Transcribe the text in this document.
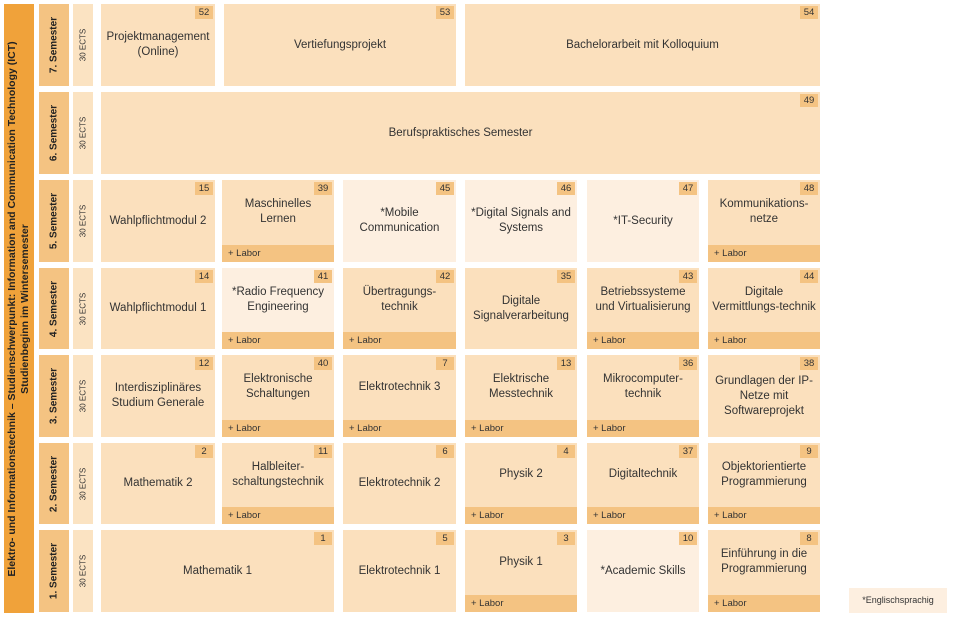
Elektro- und Informationstechnik – Studienschwerpunkt: Information and Communication Technology (ICT) Studienbeginn im Wintersemester
7. Semester 30 ECTS
6. Semester 30 ECTS
5. Semester 30 ECTS
4. Semester 30 ECTS
3. Semester 30 ECTS
2. Semester 30 ECTS
1. Semester 30 ECTS
52
Projektmanagement (Online)
53
Vertiefungsprojekt
54
Bachelorarbeit mit Kolloquium
49
Berufspraktisches Semester
15
Wahlpflichtmodul 2
39
Maschinelles Lernen
+ Labor
45
*Mobile Communication
46
*Digital Signals and Systems
47
*IT-Security
48
Kommunikations-netze
+ Labor
14
Wahlpflichtmodul 1
41
*Radio Frequency Engineering
+ Labor
42
Übertragungs-technik
+ Labor
35
Digitale Signalverarbeitung
43
Betriebssysteme und Virtualisierung
+ Labor
44
Digitale Vermittlungs-technik
+ Labor
12
Interdisziplinäres Studium Generale
40
Elektronische Schaltungen
+ Labor
7
Elektrotechnik 3
+ Labor
13
Elektrische Messtechnik
+ Labor
36
Mikrocomputer-technik
+ Labor
38
Grundlagen der IP-Netze mit Softwareprojekt
2
Mathematik 2
11
Halbleiter-schaltungstechnik
+ Labor
6
Elektrotechnik 2
4
Physik 2
+ Labor
37
Digitaltechnik
+ Labor
9
Objektorientierte Programmierung
+ Labor
1
Mathematik 1
5
Elektrotechnik 1
3
Physik 1
+ Labor
10
*Academic Skills
8
Einführung in die Programmierung
+ Labor	*Englischsprachig
